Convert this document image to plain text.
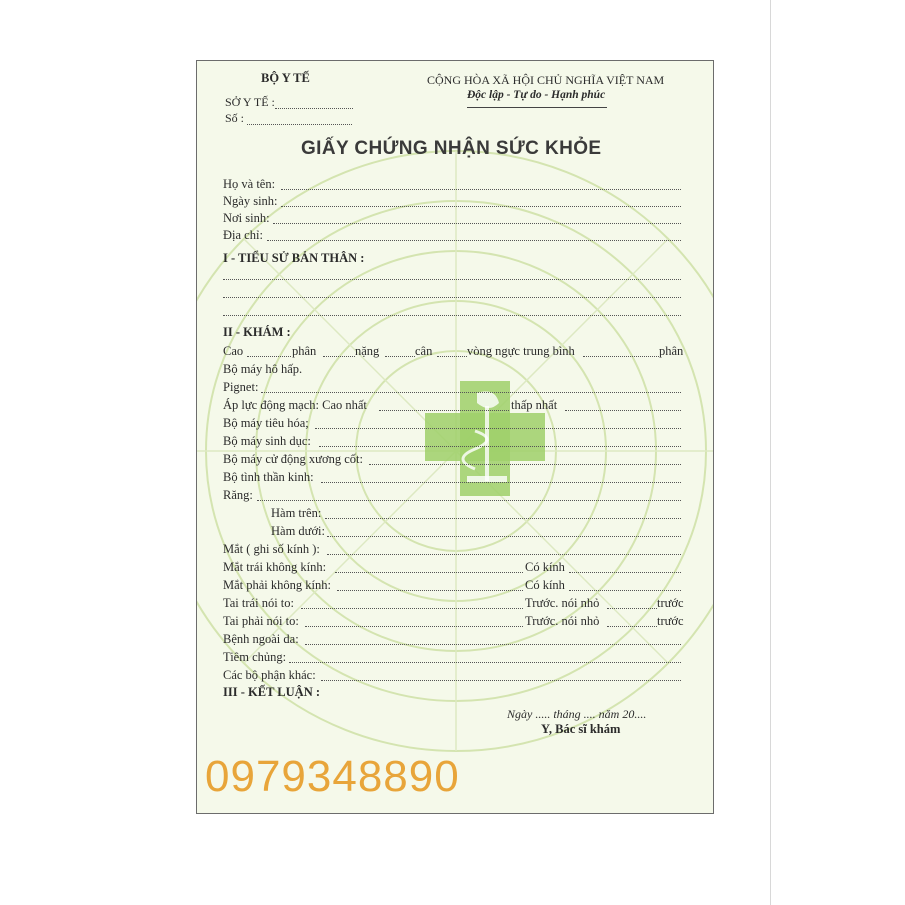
BỘ Y TẾ
SỞ Y TẾ :
Số :
CỘNG HÒA XÃ HỘI CHỦ NGHĨA VIỆT NAM
Độc lập - Tự do - Hạnh phúc
GIẤY CHỨNG NHẬN SỨC KHỎE
Họ và tên:
Ngày sinh:
Nơi sinh:
Địa chỉ:
I - TIỂU SỬ BẢN THÂN :
II - KHÁM :
Cao	phân	nặng	cân	vòng ngực trung bình	phân
Bộ máy hô hấp.
Pignet:
Áp lực động mạch: Cao nhất	thấp nhất
Bộ máy tiêu hóa;
Bộ máy sinh dục:
Bộ máy cử động xương cốt:
Bộ tình thần kinh:
Răng:
Hàm trên:
Hàm dưới:
Mắt ( ghi số kính ):
Mắt trái không kính:	Có kính
Mắt phải không kính:	Có kính
Tai trái nói to:	Trước. nói nhỏ	trước
Tai phải nói to:	Trước. nói nhỏ	trước
Bệnh ngoài da:
Tiêm chủng:
Các bộ phận khác:
III - KẾT LUẬN :
Ngày ..... tháng .... năm 20....
Y, Bác sĩ khám
0979348890
